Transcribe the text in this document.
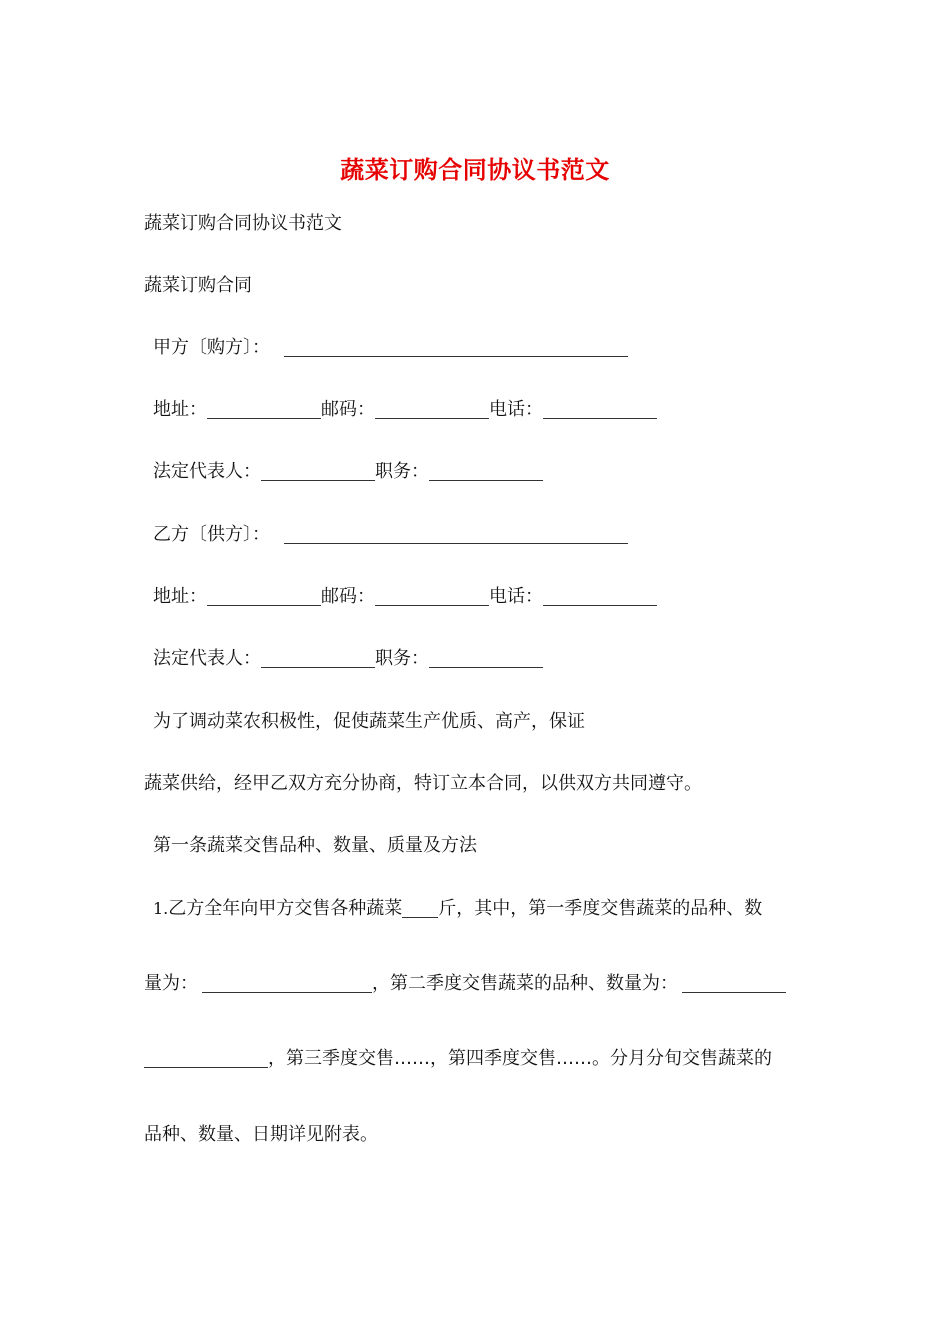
蔬菜订购合同协议书范文
蔬菜订购合同协议书范文
蔬菜订购合同
甲方〔购方〕：
地址：	邮码：	电话：
法定代表人：	职务：
乙方〔供方〕：
地址：	邮码：	电话：
法定代表人：	职务：
为了调动菜农积极性，促使蔬菜生产优质、高产，保证
蔬菜供给，经甲乙双方充分协商，特订立本合同，以供双方共同遵守。
第一条蔬菜交售品种、数量、质量及方法
1.乙方全年向甲方交售各种蔬菜 斤，其中，第一季度交售蔬菜的品种、数
量为：	，第二季度交售蔬菜的品种、数量为：
，第三季度交售……，第四季度交售……。分月分旬交售蔬菜的
品种、数量、日期详见附表。
